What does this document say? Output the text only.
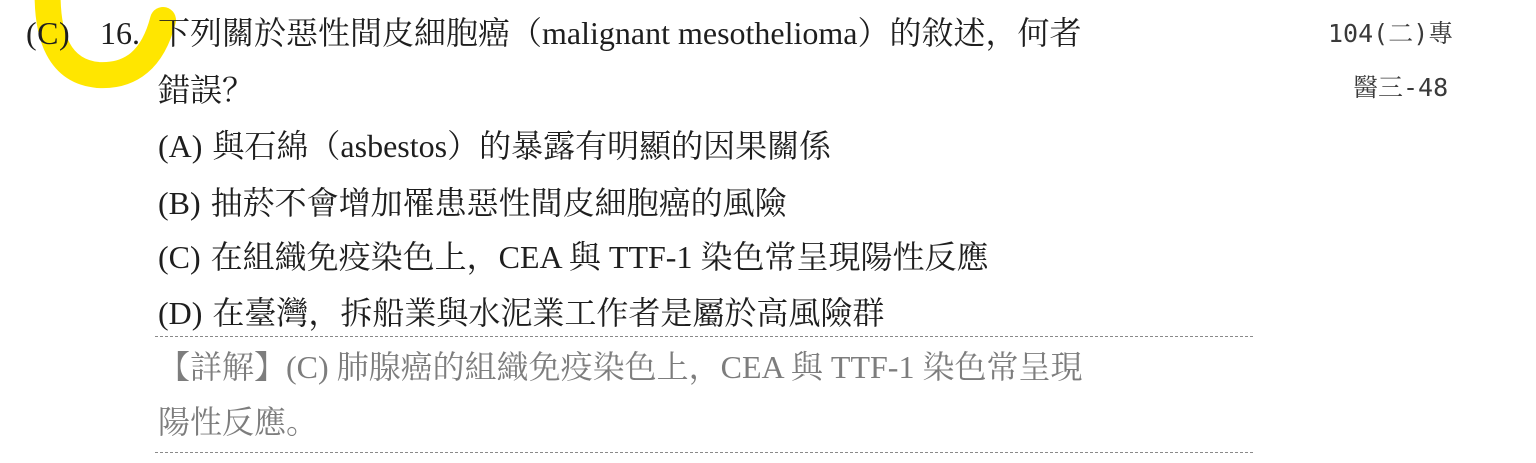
(C) 16. 下列關於惡性間皮細胞癌（malignant mesothelioma）的敘述，何者
錯誤？
104(二)專
醫三-48
(A) 與石綿（asbestos）的暴露有明顯的因果關係
(B) 抽菸不會增加罹患惡性間皮細胞癌的風險
(C) 在組織免疫染色上，CEA 與 TTF-1 染色常呈現陽性反應
(D) 在臺灣，拆船業與水泥業工作者是屬於高風險群
【詳解】(C) 肺腺癌的組織免疫染色上，CEA 與 TTF-1 染色常呈現
陽性反應。
